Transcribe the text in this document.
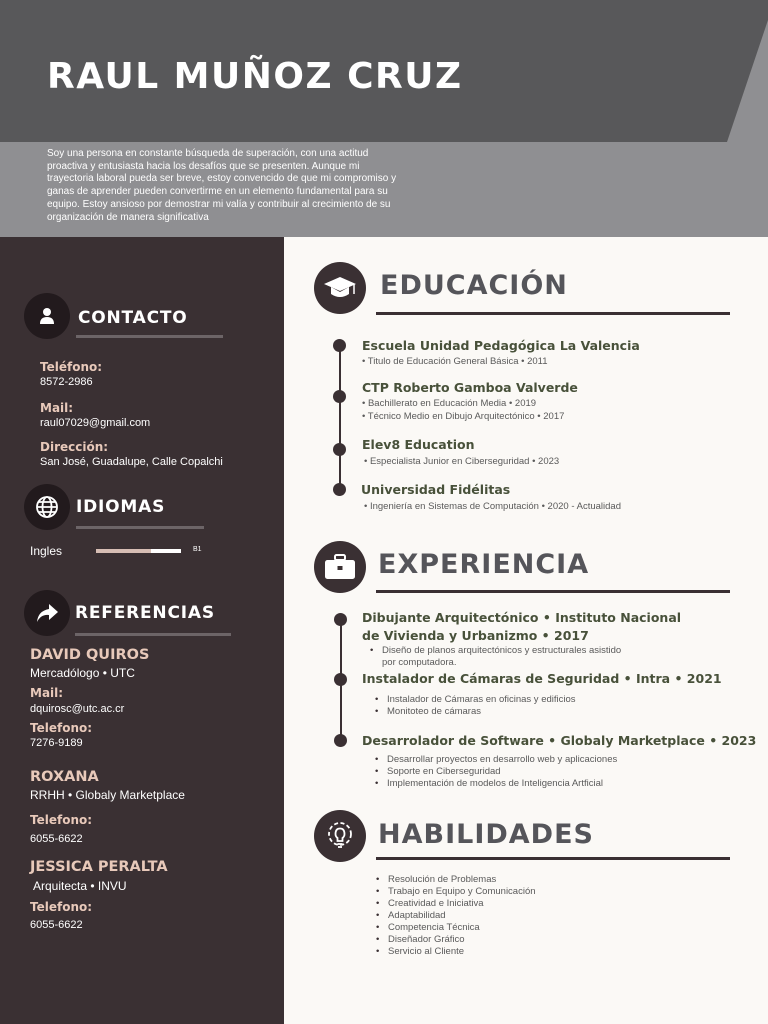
RAUL MUÑOZ CRUZ
Soy una persona en constante búsqueda de superación, con una actitud
proactiva y entusiasta hacia los desafíos que se presenten. Aunque mi
trayectoria laboral pueda ser breve, estoy convencido de que mi compromiso y
ganas de aprender pueden convertirme en un elemento fundamental para su
equipo. Estoy ansioso por demostrar mi valía y contribuir al crecimiento de su
organización de manera significativa
CONTACTO
Teléfono:
8572-2986
Mail:
raul07029@gmail.com
Dirección:
San José, Guadalupe, Calle Copalchi
IDIOMAS
Ingles	B1
REFERENCIAS
DAVID QUIROS
Mercadólogo • UTC
Mail:
dquirosc@utc.ac.cr
Telefono:
7276-9189
ROXANA
RRHH • Globaly Marketplace
Telefono:
6055-6622
JESSICA PERALTA
Arquitecta • INVU
Telefono:
6055-6622
EDUCACIÓN
Escuela Unidad Pedagógica La Valencia
• Titulo de Educación General Básica • 2011
CTP Roberto Gamboa Valverde
• Bachillerato en Educación Media • 2019
• Técnico Medio en Dibujo Arquitectónico • 2017
Elev8 Education
• Especialista Junior en Ciberseguridad • 2023
Universidad Fidélitas
• Ingeniería en Sistemas de Computación • 2020 - Actualidad
EXPERIENCIA
Dibujante Arquitectónico • Instituto Nacional de Vivienda y Urbanizmo • 2017
• Diseño de planos arquitectónicos y estructurales asistido por computadora.
Instalador de Cámaras de Seguridad • Intra • 2021
• Instalador de Cámaras en oficinas y edificios
• Monitoteo de cámaras
Desarrolador de Software • Globaly Marketplace • 2023
• Desarrollar proyectos en desarrollo web y aplicaciones
• Soporte en Ciberseguridad
• Implementación de modelos de Inteligencia Artficial
HABILIDADES
• Resolución de Problemas
• Trabajo en Equipo y Comunicación
• Creatividad e Iniciativa
• Adaptabilidad
• Competencia Técnica
• Diseñador Gráfico
• Servicio al Cliente
